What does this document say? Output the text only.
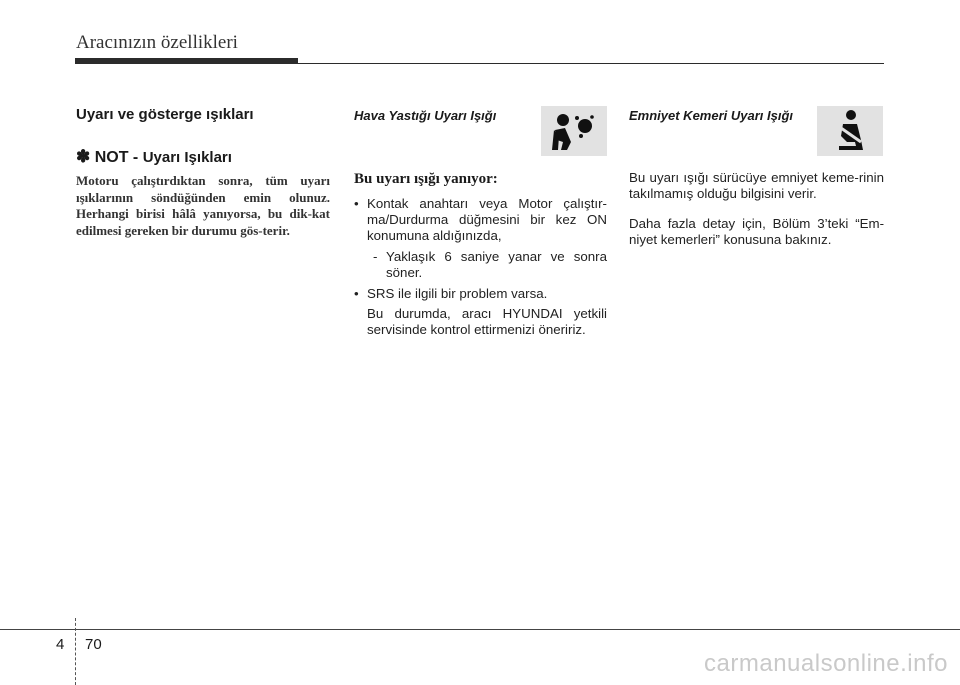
Aracınızın özellikleri
Uyarı ve gösterge ışıkları
✽ NOT - Uyarı Işıkları
Motoru çalıştırdıktan sonra, tüm uyarı ışıklarının söndüğünden emin olunuz. Herhangi birisi hâlâ yanıyorsa, bu dik-kat edilmesi gereken bir durumu gös-terir.
Hava Yastığı Uyarı Işığı
Bu uyarı ışığı yanıyor:
• Kontak anahtarı veya Motor çalıştır-ma/Durdurma düğmesini bir kez ON konumuna aldığınızda,
- Yaklaşık 6 saniye yanar ve sonra söner.
• SRS ile ilgili bir problem varsa.
Bu durumda, aracı HYUNDAI yetkili servisinde kontrol ettirmenizi öneririz.
Emniyet Kemeri Uyarı Işığı

Bu uyarı ışığı sürücüye emniyet keme-rinin takılmamış olduğu bilgisini verir.

Daha fazla detay için, Bölüm 3’teki “Em-niyet kemerleri” konusuna bakınız.

4 70
carmanualsonline.info
